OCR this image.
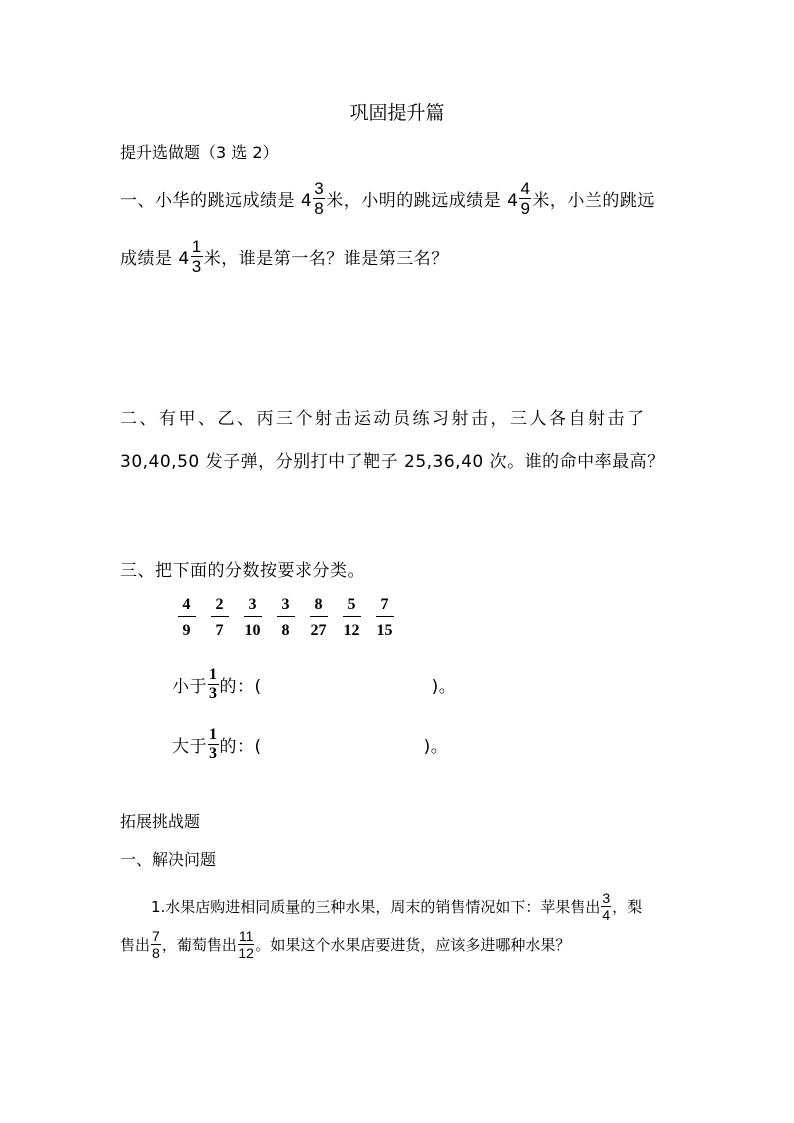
巩固提升篇
提升选做题（3 选 2）
一、小华的跳远成绩是 $4 \frac{3}{8}$ 米，小明的跳远成绩是 $4 \frac{4}{9}$ 米，小兰的跳远
成绩是 $4 \frac{1}{3}$ 米，谁是第一名？谁是第三名？
二、有甲、乙、丙三个射击运动员练习射击，三人各自射击了
30,40,50 发子弹，分别打中了靶子 25,36,40 次。谁的命中率最高？
三、把下面的分数按要求分类。
4
9
2
7
3
10
3
8
8
27
5
12
7
15
小于 $\frac{1}{3}$ 的：(	)。
大于 $\frac{1}{3}$ 的：(	)。
拓展挑战题
一、解决问题
1.水果店购进相同质量的三种水果，周末的销售情况如下：苹果售出 $\frac{3}{4}$ ，梨
售出 $\frac{7}{8}$ ，葡萄售出 $\frac{11}{12}$ 。如果这个水果店要进货，应该多进哪种水果？
